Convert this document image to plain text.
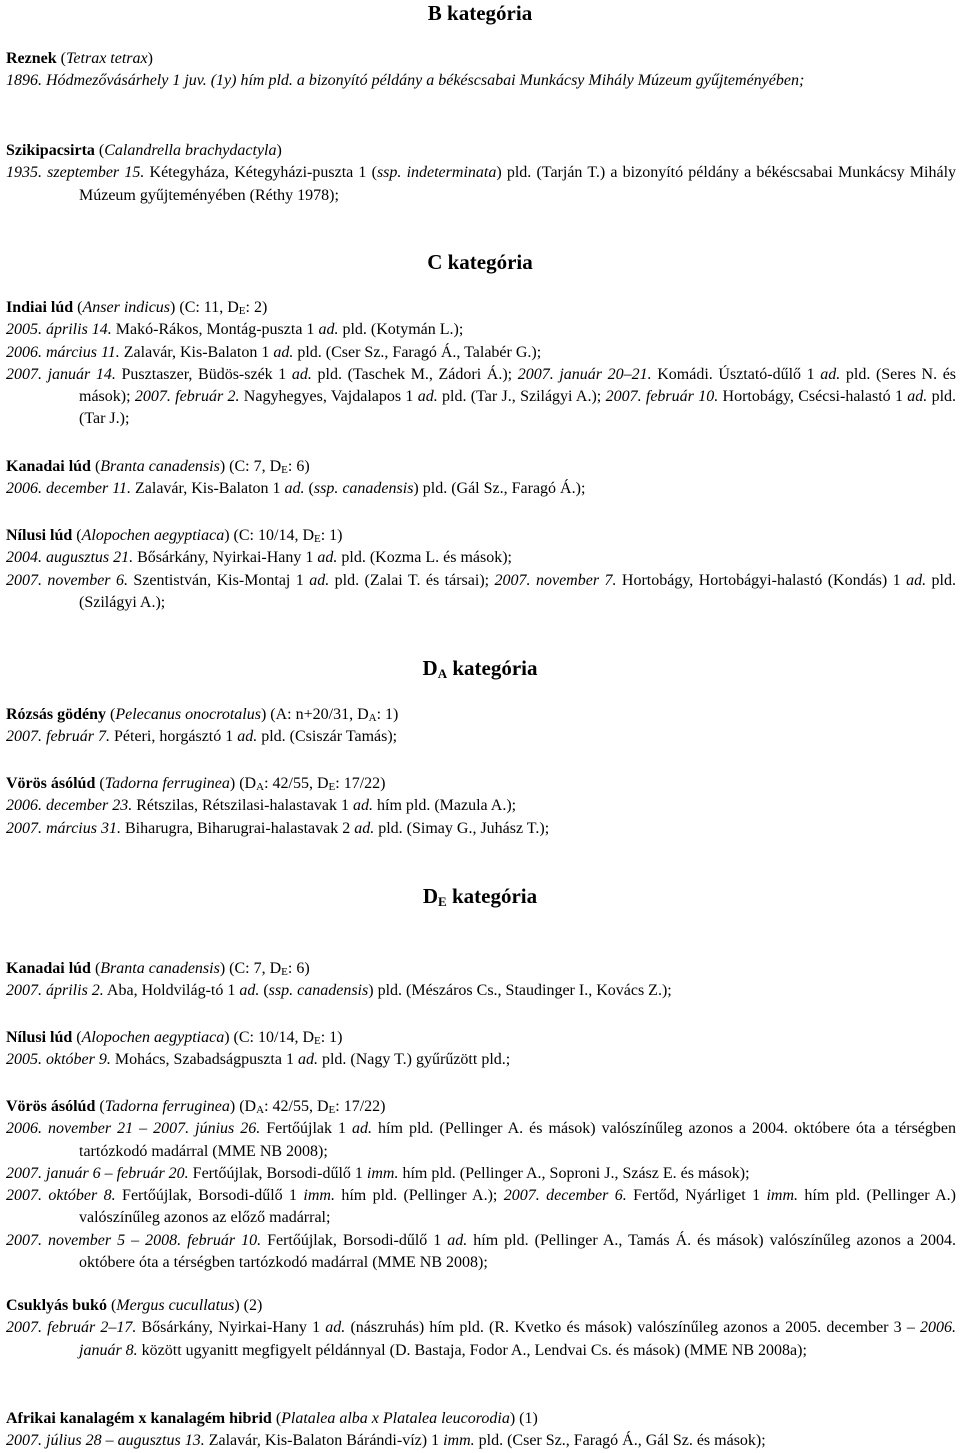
B kategória

Reznek (Tetrax tetrax)

1896. Hódmezővásárhely 1 juv. (1y) hím pld. a bizonyító példány a békéscsabai Munkácsy Mihály Múzeum gyűjteményében;

Szikipacsirta (Calandrella brachydactyla)

1935. szeptember 15. Kétegyháza, Kétegyházi-puszta 1 (ssp. indeterminata) pld. (Tarján T.) a bizonyító példány a békéscsabai Munkácsy Mihály Múzeum gyűjteményében (Réthy 1978);

C kategória

Indiai lúd (Anser indicus) (C: 11, $D_E$: 2)

2005. április 14. Makó-Rákos, Montág-puszta 1 ad. pld. (Kotymán L.);

2006. március 11. Zalavár, Kis-Balaton 1 ad. pld. (Cser Sz., Faragó Á., Talabér G.);

2007. január 14. Pusztaszer, Büdös-szék 1 ad. pld. (Taschek M., Zádori Á.); 2007. január 20–21. Komádi. Úsztató-dűlő 1 ad. pld. (Seres N. és mások); 2007. február 2. Nagyhegyes, Vajdalapos 1 ad. pld. (Tar J., Szilágyi A.); 2007. február 10. Hortobágy, Csécsi-halastó 1 ad. pld. (Tar J.);

Kanadai lúd (Branta canadensis) (C: 7, $D_E$: 6)

2006. december 11. Zalavár, Kis-Balaton 1 ad. (ssp. canadensis) pld. (Gál Sz., Faragó Á.);

Nílusi lúd (Alopochen aegyptiaca) (C: 10/14, $D_E$: 1)

2004. augusztus 21. Bősárkány, Nyirkai-Hany 1 ad. pld. (Kozma L. és mások);

2007. november 6. Szentistván, Kis-Montaj 1 ad. pld. (Zalai T. és társai); 2007. november 7. Hortobágy, Hortobágyi-halastó (Kondás) 1 ad. pld. (Szilágyi A.);

$D_A$ kategória

Rózsás gödény (Pelecanus onocrotalus) (A: n+20/31, $D_A$: 1)

2007. február 7. Péteri, horgásztó 1 ad. pld. (Csiszár Tamás);

Vörös ásólúd (Tadorna ferruginea) ($D_A$: 42/55, $D_E$: 17/22)

2006. december 23. Rétszilas, Rétszilasi-halastavak 1 ad. hím pld. (Mazula A.);

2007. március 31. Biharugra, Biharugrai-halastavak 2 ad. pld. (Simay G., Juhász T.);

$D_E$ kategória

Kanadai lúd (Branta canadensis) (C: 7, $D_E$: 6)

2007. április 2. Aba, Holdvilág-tó 1 ad. (ssp. canadensis) pld. (Mészáros Cs., Staudinger I., Kovács Z.);

Nílusi lúd (Alopochen aegyptiaca) (C: 10/14, $D_E$: 1)

2005. október 9. Mohács, Szabadságpuszta 1 ad. pld. (Nagy T.) gyűrűzött pld.;

Vörös ásólúd (Tadorna ferruginea) ($D_A$: 42/55, $D_E$: 17/22)

2006. november 21 – 2007. június 26. Fertőújlak 1 ad. hím pld. (Pellinger A. és mások) valószínűleg azonos a 2004. októbere óta a térségben tartózkodó madárral (MME NB 2008);

2007. január 6 – február 20. Fertőújlak, Borsodi-dűlő 1 imm. hím pld. (Pellinger A., Soproni J., Szász E. és mások);

2007. október 8. Fertőújlak, Borsodi-dűlő 1 imm. hím pld. (Pellinger A.); 2007. december 6. Fertőd, Nyárliget 1 imm. hím pld. (Pellinger A.) valószínűleg azonos az előző madárral;

2007. november 5 – 2008. február 10. Fertőújlak, Borsodi-dűlő 1 ad. hím pld. (Pellinger A., Tamás Á. és mások) valószínűleg azonos a 2004. októbere óta a térségben tartózkodó madárral (MME NB 2008);

Csuklyás bukó (Mergus cucullatus) (2)

2007. február 2–17. Bősárkány, Nyirkai-Hany 1 ad. (nászruhás) hím pld. (R. Kvetko és mások) valószínűleg azonos a 2005. december 3 – 2006. január 8. között ugyanitt megfigyelt példánnyal (D. Bastaja, Fodor A., Lendvai Cs. és mások) (MME NB 2008a);

Afrikai kanalagém x kanalagém hibrid (Platalea alba x Platalea leucorodia) (1)

2007. július 28 – augusztus 13. Zalavár, Kis-Balaton Bárándi-víz) 1 imm. pld. (Cser Sz., Faragó Á., Gál Sz. és mások);
